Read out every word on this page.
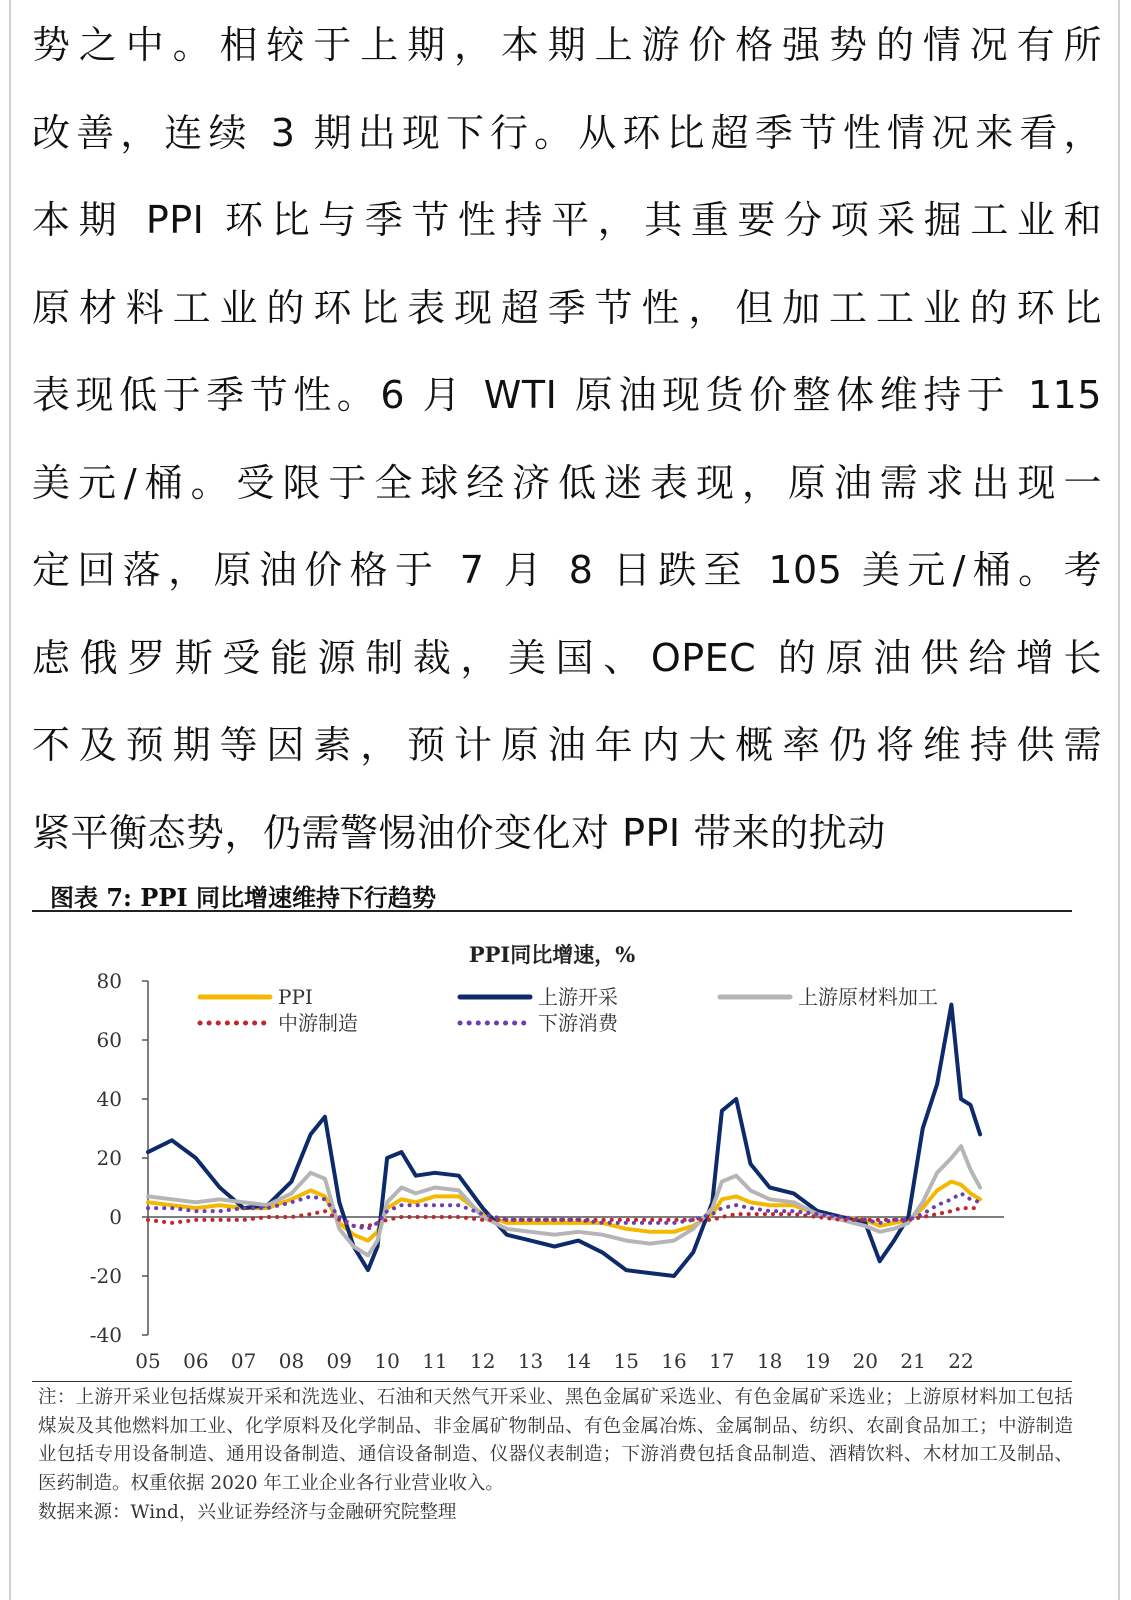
势之中。相较于上期，本期上游价格强势的情况有所
改善，连续 3 期出现下行。从环比超季节性情况来看，
本期 PPI 环比与季节性持平，其重要分项采掘工业和
原材料工业的环比表现超季节性，但加工工业的环比
表现低于季节性。6 月 WTI 原油现货价整体维持于 115
美元/桶。受限于全球经济低迷表现，原油需求出现一
定回落，原油价格于 7 月 8 日跌至 105 美元/桶。考
虑俄罗斯受能源制裁，美国、OPEC 的原油供给增长
不及预期等因素，预计原油年内大概率仍将维持供需
紧平衡态势，仍需警惕油价变化对 PPI 带来的扰动
图表 7: PPI 同比增速维持下行趋势
PPI同比增速，%
80
60
40
20
0
-20
-40
05 06 07 08 09 10 11 12 13 14 15 16 17 18 19 20 21 22
PPI	上游开采	上游原材料加工
中游制造	下游消费

注：上游开采业包括煤炭开采和洗选业、石油和天然气开采业、黑色金属矿采选业、有色金属矿采选业；上游原材料加工包括煤炭及其他燃料加工业、化学原料及化学制品、非金属矿物制品、有色金属冶炼、金属制品、纺织、农副食品加工；中游制造业包括专用设备制造、通用设备制造、通信设备制造、仪器仪表制造；下游消费包括食品制造、酒精饮料、木材加工及制品、医药制造。权重依据 2020 年工业企业各行业营业收入。

数据来源：Wind，兴业证券经济与金融研究院整理
